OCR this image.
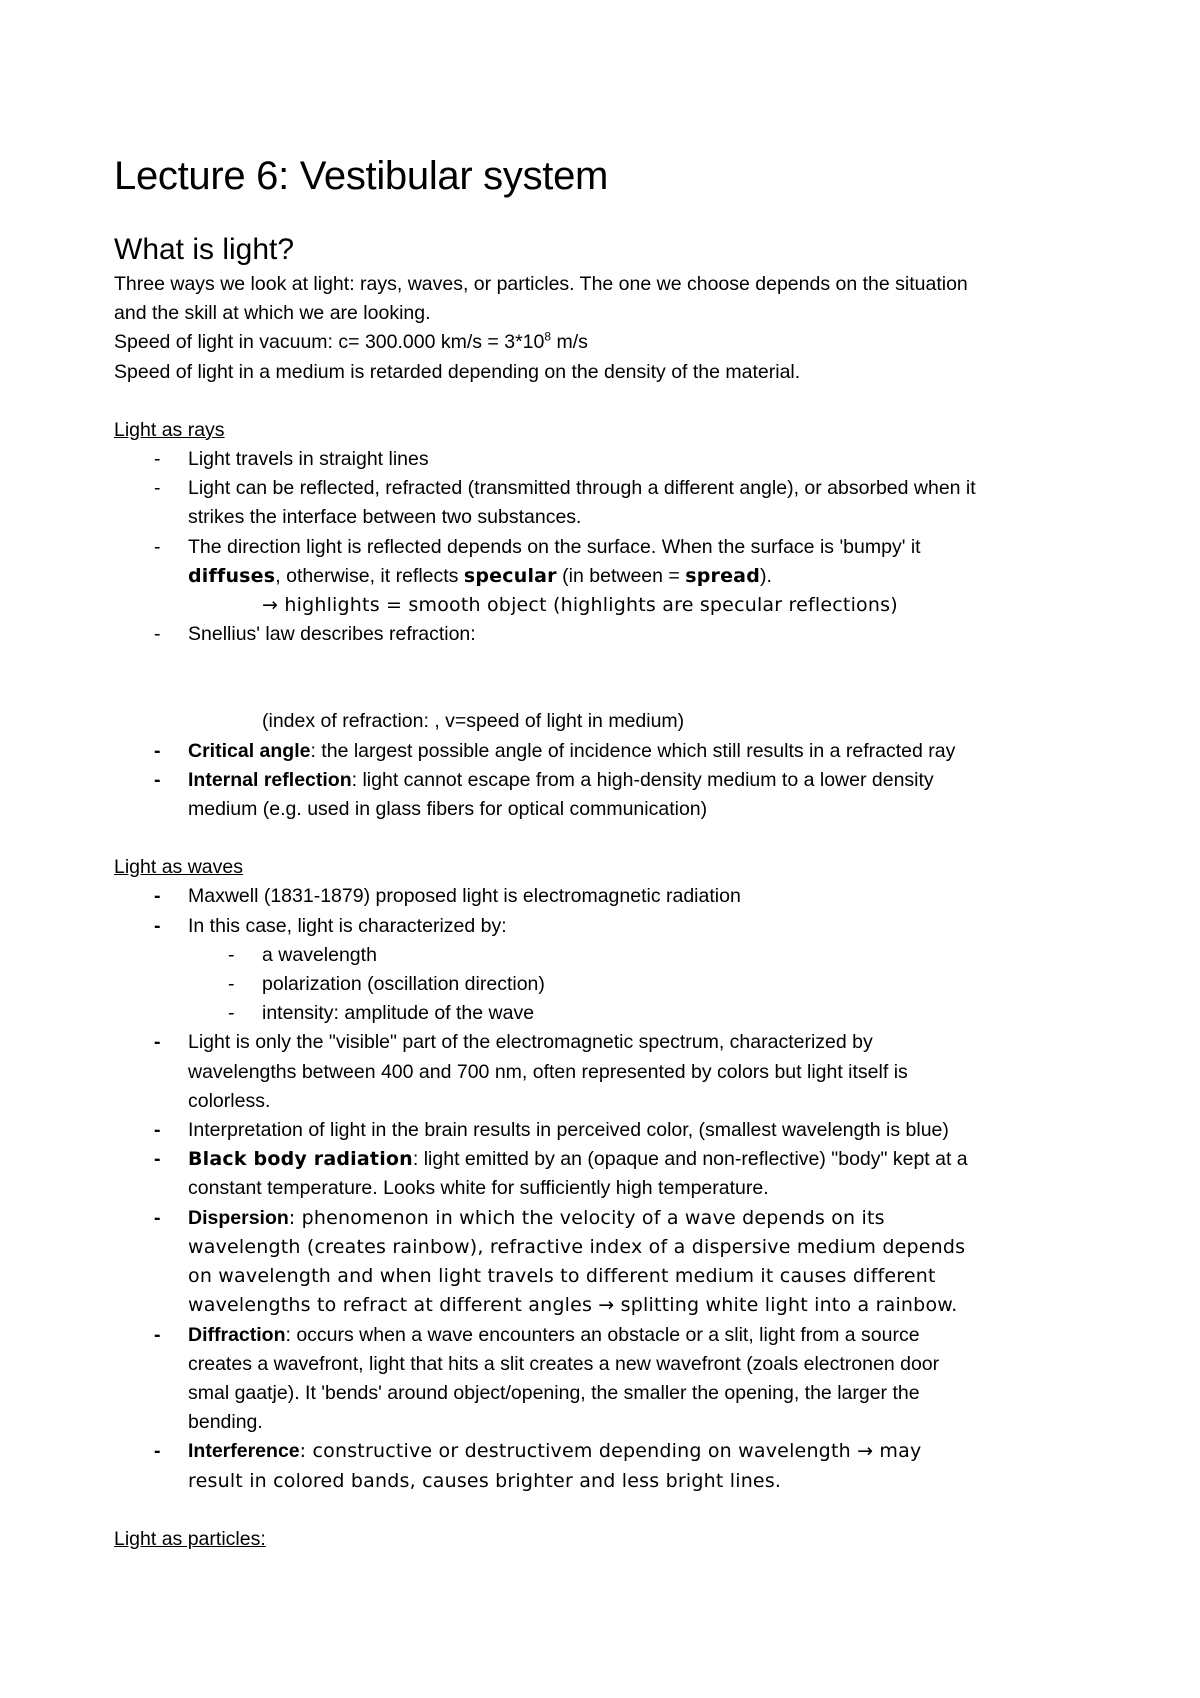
Lecture 6: Vestibular system
What is light?

Three ways we look at light: rays, waves, or particles. The one we choose depends on the situation

and the skill at which we are looking.

Speed of light in vacuum: c= 300.000 $km/s = 3*10^8$ m/s

Speed of light in a medium is retarded depending on the density of the material.

Light as rays

-	Light travels in straight lines
-	Light can be reflected, refracted (transmitted through a different angle), or absorbed when it
strikes the interface between two substances.
-	The direction light is reflected depends on the surface. When the surface is 'bumpy' it
diffuses, otherwise, it reflects specular (in between = spread).
→ highlights = smooth object (highlights are specular reflections)
-	Snellius' law describes refraction:
(index of refraction: , v=speed of light in medium)
-	Critical angle: the largest possible angle of incidence which still results in a refracted ray
-	Internal reflection: light cannot escape from a high-density medium to a lower density
medium (e.g. used in glass fibers for optical communication)

Light as waves

-	Maxwell (1831-1879) proposed light is electromagnetic radiation
-	In this case, light is characterized by:
- a wavelength
- polarization (oscillation direction)
- intensity: amplitude of the wave
-	Light is only the "visible" part of the electromagnetic spectrum, characterized by
wavelengths between 400 and 700 nm, often represented by colors but light itself is
colorless.
-	Interpretation of light in the brain results in perceived color, (smallest wavelength is blue)
-	Black body radiation: light emitted by an (opaque and non-reflective) "body" kept at a
constant temperature. Looks white for sufficiently high temperature.
-	Dispersion: phenomenon in which the velocity of a wave depends on its
wavelength (creates rainbow), refractive index of a dispersive medium depends
on wavelength and when light travels to different medium it causes different
wavelengths to refract at different angles → splitting white light into a rainbow.
-	Diffraction: occurs when a wave encounters an obstacle or a slit, light from a source
creates a wavefront, light that hits a slit creates a new wavefront (zoals electronen door
smal gaatje). It 'bends' around object/opening, the smaller the opening, the larger the
bending.
-	Interference: constructive or destructivem depending on wavelength → may
result in colored bands, causes brighter and less bright lines.

Light as particles:
